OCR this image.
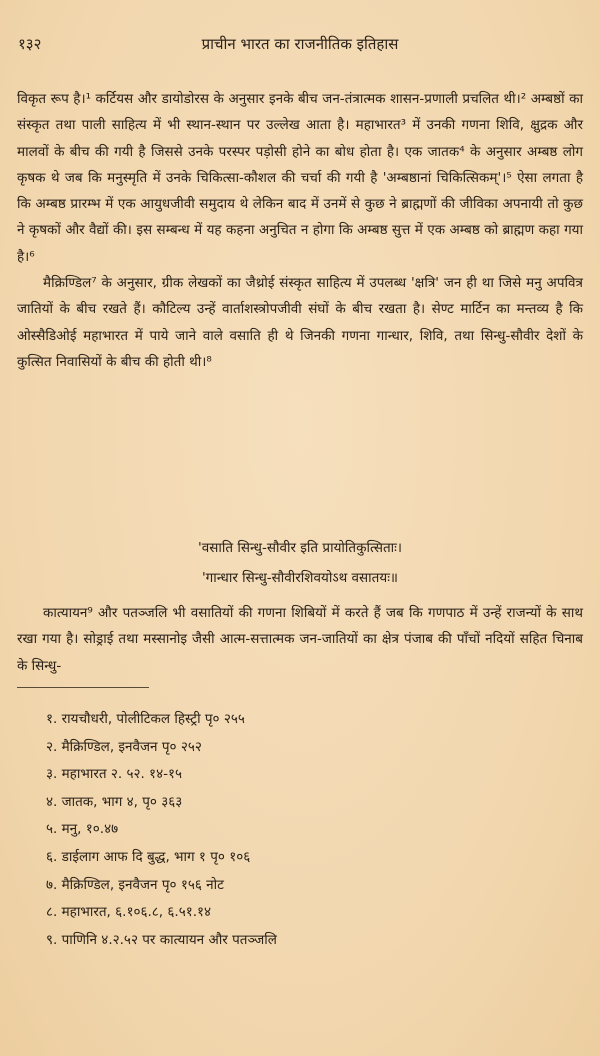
१३२	प्राचीन भारत का राजनीतिक इतिहास

विकृत रूप है।¹ कर्टियस और डायोडोरस के अनुसार इनके बीच जन-तंत्रात्मक शासन-प्रणाली प्रचलित थी।² अम्बष्ठों का संस्कृत तथा पाली साहित्य में भी स्थान-स्थान पर उल्लेख आता है। महाभारत³ में उनकी गणना शिवि, क्षुद्रक और मालवों के बीच की गयी है जिससे उनके परस्पर पड़ोसी होने का बोध होता है। एक जातक⁴ के अनुसार अम्बष्ठ लोग कृषक थे जब कि मनुस्मृति में उनके चिकित्सा-कौशल की चर्चा की गयी है 'अम्बष्ठानां चिकित्सिकम्'।⁵ ऐसा लगता है कि अम्बष्ठ प्रारम्भ में एक आयुधजीवी समुदाय थे लेकिन बाद में उनमें से कुछ ने ब्राह्मणों की जीविका अपनायी तो कुछ ने कृषकों और वैद्यों की। इस सम्बन्ध में यह कहना अनुचित न होगा कि अम्बष्ठ सुत्त में एक अम्बष्ठ को ब्राह्मण कहा गया है।⁶

मैक्रिण्डिल⁷ के अनुसार, ग्रीक लेखकों का जैथ्रोई संस्कृत साहित्य में उपलब्ध 'क्षत्रि' जन ही था जिसे मनु अपवित्र जातियों के बीच रखते हैं। कौटिल्य उन्हें वार्ताशस्त्रोपजीवी संघों के बीच रखता है। सेण्ट मार्टिन का मन्तव्य है कि ओस्सैडिओई महाभारत में पाये जाने वाले वसाति ही थे जिनकी गणना गान्धार, शिवि, तथा सिन्धु-सौवीर देशों के कुत्सित निवासियों के बीच की होती थी।⁸

'वसाति सिन्धु-सौवीर इति प्रायोतिकुत्सिताः।
'गान्धार सिन्धु-सौवीरशिवयोऽथ वसातयः॥

कात्यायन⁹ और पतञ्जलि भी वसातियों की गणना शिबियों में करते हैं जब कि गणपाठ में उन्हें राजन्यों के साथ रखा गया है। सोड्राई तथा मस्सानोइ जैसी आत्म-सत्तात्मक जन-जातियों का क्षेत्र पंजाब की पाँचों नदियों सहित चिनाब के सिन्धु-

१. रायचौधरी, पोलीटिकल हिस्ट्री पृ० २५५
२. मैक्रिण्डिल, इनवैजन पृ० २५२
३. महाभारत २. ५२. १४-१५
४. जातक, भाग ४, पृ० ३६३
५. मनु, १०.४७
६. डाईलाग आफ दि बुद्ध, भाग १ पृ० १०६
७. मैक्रिण्डिल, इनवैजन पृ० १५६ नोट
८. महाभारत, ६.१०६.८, ६.५१.१४
९. पाणिनि ४.२.५२ पर कात्यायन और पतञ्जलि
